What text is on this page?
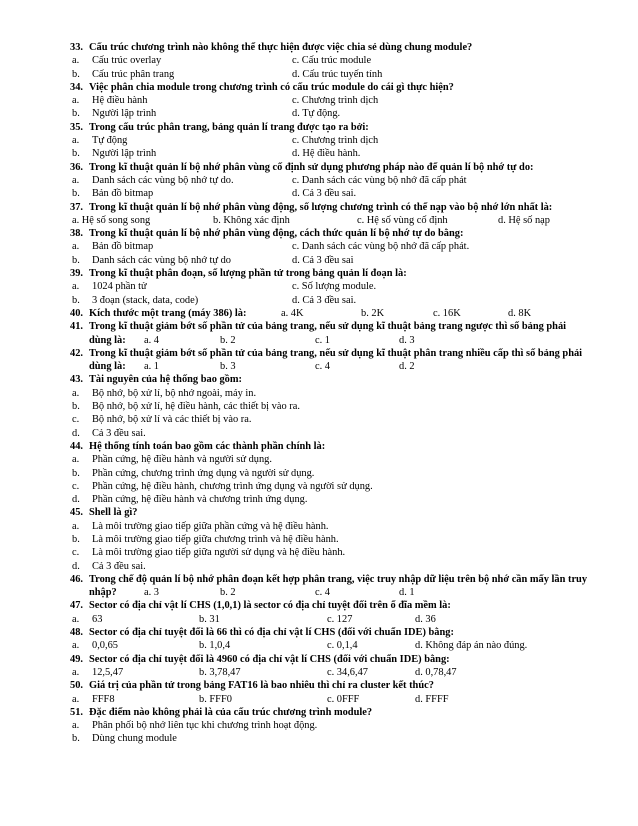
33. Cấu trúc chương trình nào không thể thực hiện được việc chia sẻ dùng chung module?
a. Cấu trúc overlay	c. Cấu trúc module
b. Cấu trúc phân trang	d. Cấu trúc tuyến tính
34. Việc phân chia module trong chương trình có cấu trúc module do cái gì thực hiện?
a. Hệ điều hành	c. Chương trình dịch
b. Người lập trình	d. Tự động.
35. Trong cấu trúc phân trang, bảng quản lí trang được tạo ra bởi:
a. Tự động	c. Chương trình dịch
b. Người lập trình	d. Hệ điều hành.
36. Trong kĩ thuật quản lí bộ nhớ phân vùng cố định sử dụng phương pháp nào để quản lí bộ nhớ tự do:
a. Danh sách các vùng bộ nhớ tự do.	c. Danh sách các vùng bộ nhớ đã cấp phát
b. Bản đồ bitmap	d. Cả 3 đều sai.
37. Trong kĩ thuật quản lí bộ nhớ phân vùng động, số lượng chương trình có thể nạp vào bộ nhớ lớn nhất là:
a. Hệ số song song	b. Không xác định	c. Hệ số vùng cố định	d. Hệ số nạp
38. Trong kĩ thuật quản lí bộ nhớ phân vùng động, cách thức quản lí bộ nhớ tự do bằng:
a. Bản đồ bitmap	c. Danh sách các vùng bộ nhớ đã cấp phát.
b. Danh sách các vùng bộ nhớ tự do	d. Cả 3 đều sai
39. Trong kĩ thuật phân đoạn, số lượng phần tử trong bảng quản lí đoạn là:
a. 1024 phần tử	c. Số lượng module.
b. 3 đoạn (stack, data, code)	d. Cả 3 đều sai.
40. Kích thước một trang (máy 386) là:	a. 4K	b. 2K	c. 16K	d. 8K
41. Trong kĩ thuật giảm bớt số phần tử của bảng trang, nếu sử dụng kĩ thuật bảng trang ngược thì số bảng phải
dùng là: a. 4	b. 2	c. 1	d. 3
42. Trong kĩ thuật giảm bớt số phần tử của bảng trang, nếu sử dụng kĩ thuật phân trang nhiều cấp thì số bảng phải
dùng là: a. 1	b. 3	c. 4	d. 2
43. Tài nguyên của hệ thống bao gồm:
a. Bộ nhớ, bộ xử lí, bộ nhớ ngoài, máy in.
b. Bộ nhớ, bộ xử lí, hệ điều hành, các thiết bị vào ra.
c. Bộ nhớ, bộ xử lí và các thiết bị vào ra.
d. Cả 3 đều sai.
44. Hệ thống tính toán bao gồm các thành phần chính là:
a. Phần cứng, hệ điều hành và người sử dụng.
b. Phần cứng, chương trình ứng dụng và người sử dụng.
c. Phần cứng, hệ điều hành, chương trình ứng dụng và người sử dụng.
d. Phần cứng, hệ điều hành và chương trình ứng dụng.
45. Shell là gì?
a. Là môi trường giao tiếp giữa phần cứng và hệ điều hành.
b. Là môi trường giao tiếp giữa chương trình và hệ điều hành.
c. Là môi trường giao tiếp giữa người sử dụng và hệ điều hành.
d. Cả 3 đều sai.
46. Trong chế độ quản lí bộ nhớ phân đoạn kết hợp phân trang, việc truy nhập dữ liệu trên bộ nhớ cần mấy lần truy
nhập?	a. 3	b. 2	c. 4	d. 1
47. Sector có địa chỉ vật lí CHS (1,0,1) là sector có địa chỉ tuyệt đối trên ổ đĩa mềm là:
a. 63	b. 31	c. 127	d. 36
48. Sector có địa chỉ tuyệt đối là 66 thì có địa chỉ vật lí CHS (đối với chuẩn IDE) bằng:
a. 0,0,65	b. 1,0,4	c. 0,1,4	d. Không đáp án nào đúng.
49. Sector có địa chỉ tuyệt đối là 4960 có địa chỉ vật lí CHS (đối với chuẩn IDE) bằng:
a. 12,5,47	b. 3,78,47	c. 34,6,47	d. 0,78,47
50. Giá trị của phần tử trong bảng FAT16 là bao nhiêu thì chỉ ra cluster kết thúc?
a. FFF8	b. FFF0	c. 0FFF	d. FFFF
51. Đặc điểm nào không phải là của cấu trúc chương trình module?
a. Phân phối bộ nhớ liên tục khi chương trình hoạt động.
b. Dùng chung module
